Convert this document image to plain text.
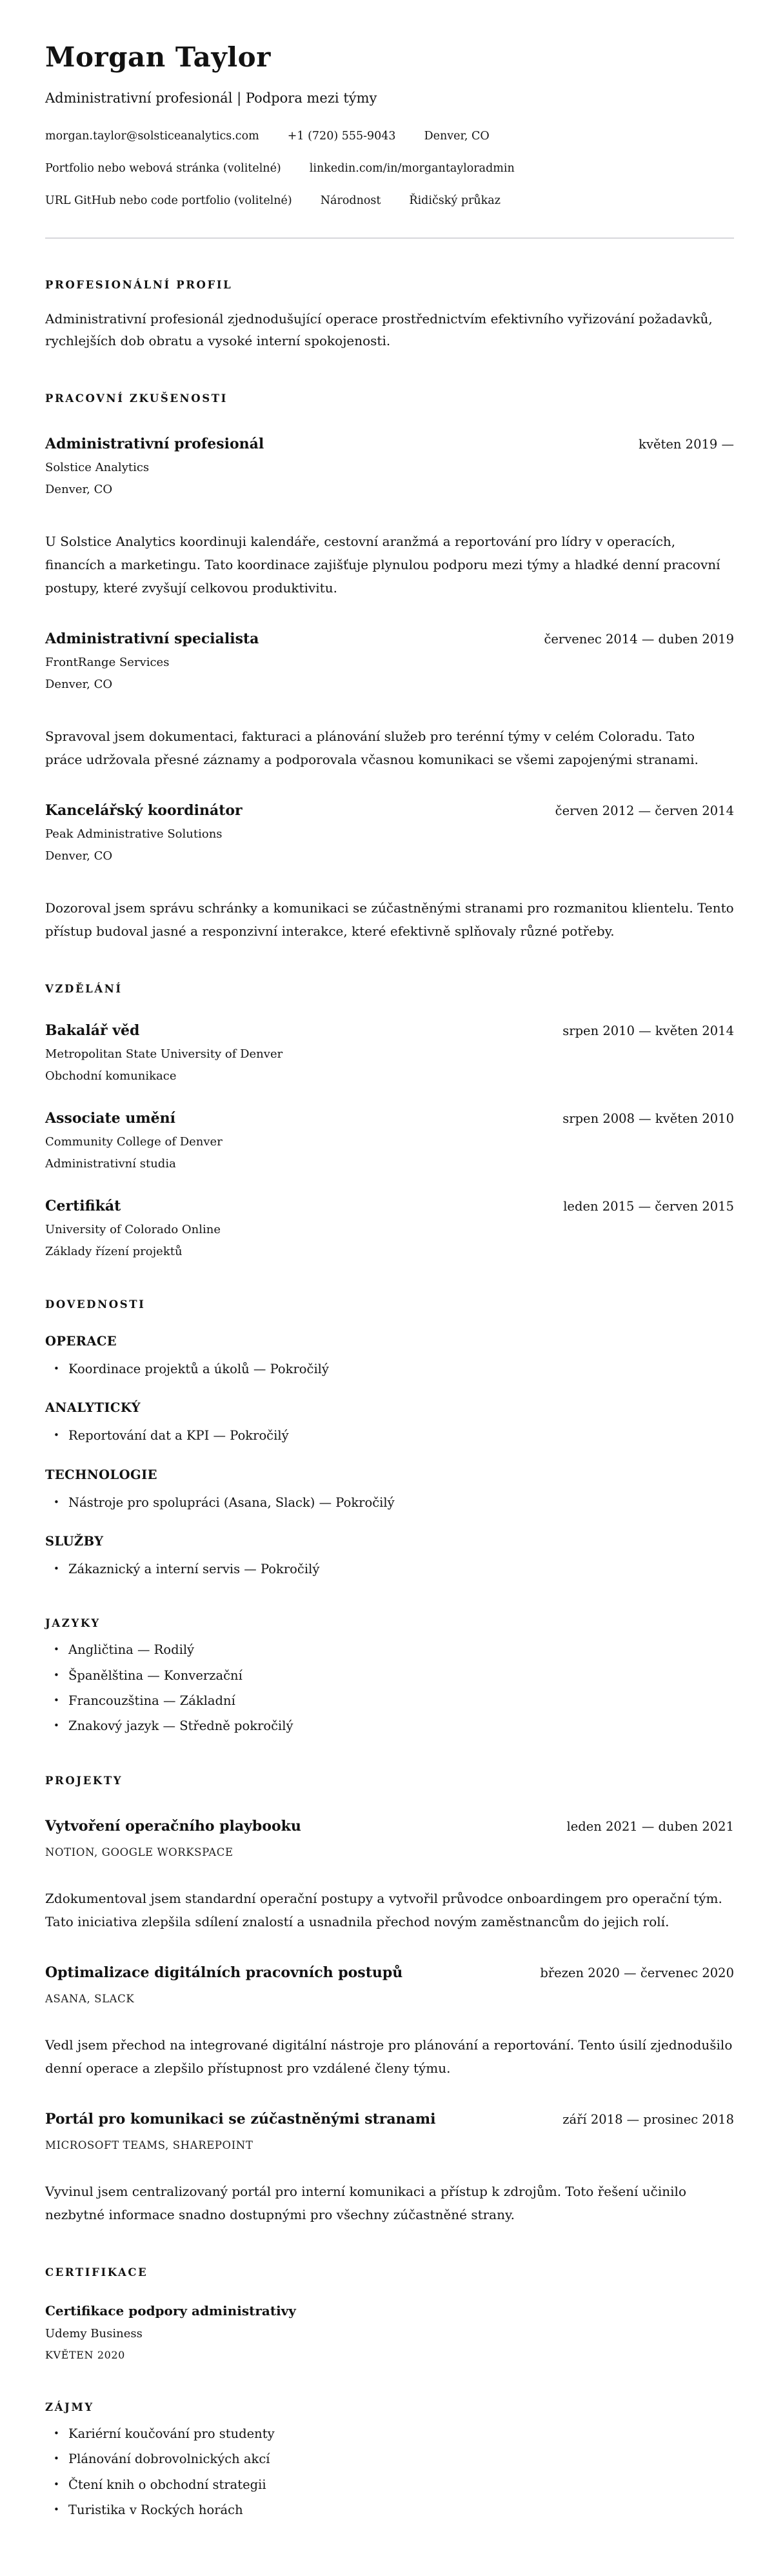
Morgan Taylor
Administrativní profesionál | Podpora mezi týmy
morgan.taylor@solsticeanalytics.com	+1 (720) 555-9043	Denver, CO
Portfolio nebo webová stránka (volitelné)	linkedin.com/in/morgantayloradmin
URL GitHub nebo code portfolio (volitelné)	Národnost	Řidičský průkaz
PROFESIONÁLNÍ PROFIL

Administrativní profesionál zjednodušující operace prostřednictvím efektivního vyřizování požadavků, rychlejších dob obratu a vysoké interní spokojenosti.

PRACOVNÍ ZKUŠENOSTI
Administrativní profesionál	květen 2019 —
Solstice Analytics
Denver, CO

U Solstice Analytics koordinuji kalendáře, cestovní aranžmá a reportování pro lídry v operacích, financích a marketingu. Tato koordinace zajišťuje plynulou podporu mezi týmy a hladké denní pracovní postupy, které zvyšují celkovou produktivitu.

Administrativní specialista	červenec 2014 — duben 2019
FrontRange Services
Denver, CO

Spravoval jsem dokumentaci, fakturaci a plánování služeb pro terénní týmy v celém Coloradu. Tato práce udržovala přesné záznamy a podporovala včasnou komunikaci se všemi zapojenými stranami.

Kancelářský koordinátor	červen 2012 — červen 2014
Peak Administrative Solutions
Denver, CO

Dozoroval jsem správu schránky a komunikaci se zúčastněnými stranami pro rozmanitou klientelu. Tento přístup budoval jasné a responzivní interakce, které efektivně splňovaly různé potřeby.

VZDĚLÁNÍ
Bakalář věd	srpen 2010 — květen 2014
Metropolitan State University of Denver
Obchodní komunikace
Associate umění	srpen 2008 — květen 2010
Community College of Denver
Administrativní studia
Certifikát	leden 2015 — červen 2015
University of Colorado Online
Základy řízení projektů
DOVEDNOSTI
OPERACE
• Koordinace projektů a úkolů — Pokročilý
ANALYTICKÝ
• Reportování dat a KPI — Pokročilý
TECHNOLOGIE
• Nástroje pro spolupráci (Asana, Slack) — Pokročilý
SLUŽBY
• Zákaznický a interní servis — Pokročilý
JAZYKY
• Angličtina — Rodilý
• Španělština — Konverzační
• Francouzština — Základní
• Znakový jazyk — Středně pokročilý
PROJEKTY
Vytvoření operačního playbooku	leden 2021 — duben 2021
NOTION, GOOGLE WORKSPACE

Zdokumentoval jsem standardní operační postupy a vytvořil průvodce onboardingem pro operační tým. Tato iniciativa zlepšila sdílení znalostí a usnadnila přechod novým zaměstnancům do jejich rolí.

Optimalizace digitálních pracovních postupů	březen 2020 — červenec 2020
ASANA, SLACK

Vedl jsem přechod na integrované digitální nástroje pro plánování a reportování. Tento úsilí zjednodušilo denní operace a zlepšilo přístupnost pro vzdálené členy týmu.

Portál pro komunikaci se zúčastněnými stranami	září 2018 — prosinec 2018
MICROSOFT TEAMS, SHAREPOINT

Vyvinul jsem centralizovaný portál pro interní komunikaci a přístup k zdrojům. Toto řešení učinilo nezbytné informace snadno dostupnými pro všechny zúčastněné strany.

CERTIFIKACE
Certifikace podpory administrativy
Udemy Business
KVĚTEN 2020
ZÁJMY
• Kariérní koučování pro studenty
• Plánování dobrovolnických akcí
• Čtení knih o obchodní strategii
• Turistika v Rockých horách
